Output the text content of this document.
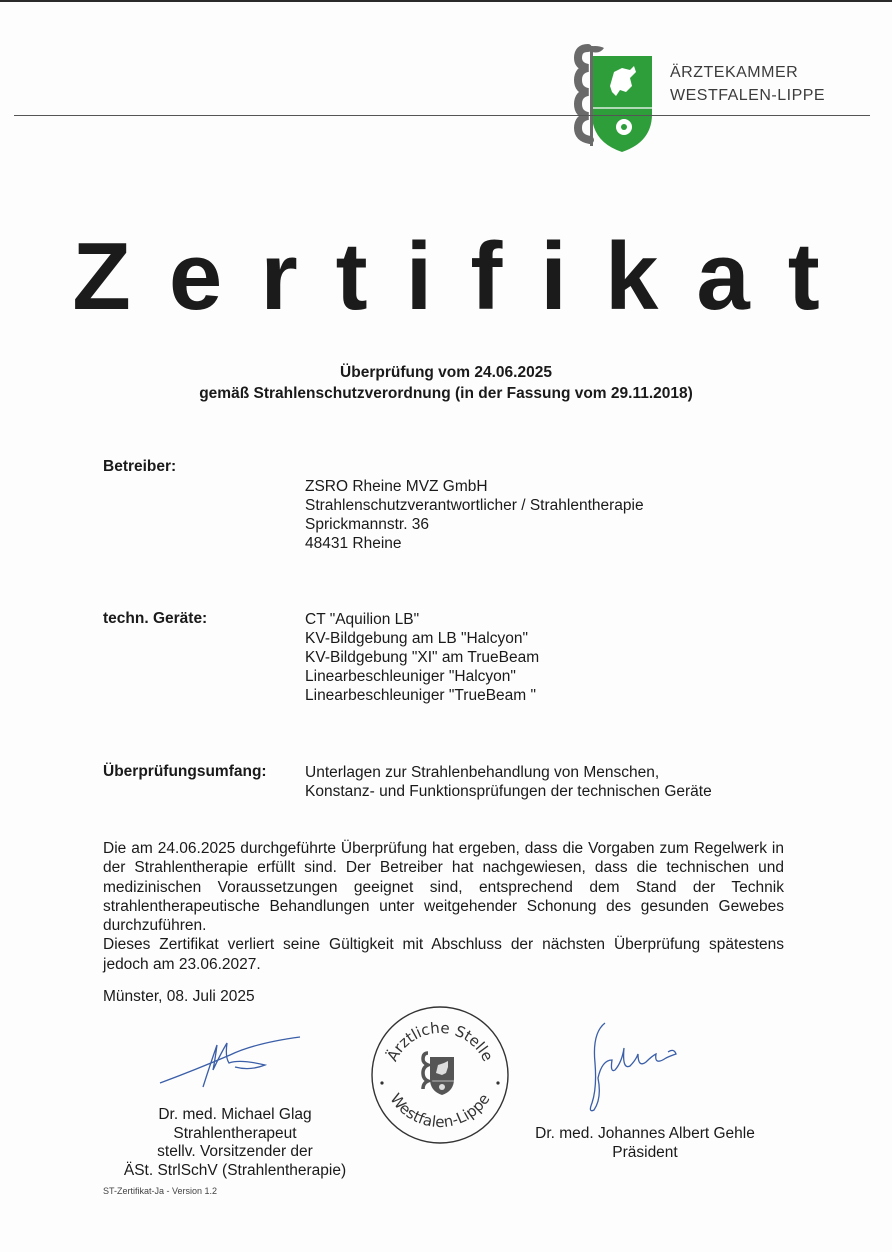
ÄRZTEKAMMER
WESTFALEN-LIPPE
Zertifikat
Überprüfung vom 24.06.2025
gemäß Strahlenschutzverordnung (in der Fassung vom 29.11.2018)
Betreiber:
ZSRO Rheine MVZ GmbH
Strahlenschutzverantwortlicher / Strahlentherapie
Sprickmannstr. 36
48431 Rheine
techn. Geräte:	CT "Aquilion LB"
KV-Bildgebung am LB "Halcyon"
KV-Bildgebung "XI" am TrueBeam
Linearbeschleuniger "Halcyon"
Linearbeschleuniger "TrueBeam "
Überprüfungsumfang: Unterlagen zur Strahlenbehandlung von Menschen,
Konstanz- und Funktionsprüfungen der technischen Geräte

Die am 24.06.2025 durchgeführte Überprüfung hat ergeben, dass die Vorgaben zum Regelwerk in der Strahlentherapie erfüllt sind. Der Betreiber hat nachgewiesen, dass die technischen und medizinischen Voraussetzungen geeignet sind, entsprechend dem Stand der Technik strahlentherapeutische Behandlungen unter weitgehender Schonung des gesunden Gewebes durchzuführen.

Dieses Zertifikat verliert seine Gültigkeit mit Abschluss der nächsten Überprüfung spätestens jedoch am 23.06.2027.

Münster, 08. Juli 2025
Dr. med. Michael Glag
Strahlentherapeut
stellv. Vorsitzender der
ÄSt. StrlSchV (Strahlentherapie)
Ärztliche Stelle
Westfalen-Lippe
Dr. med. Johannes Albert Gehle
Präsident
ST-Zertifikat-Ja - Version 1.2
